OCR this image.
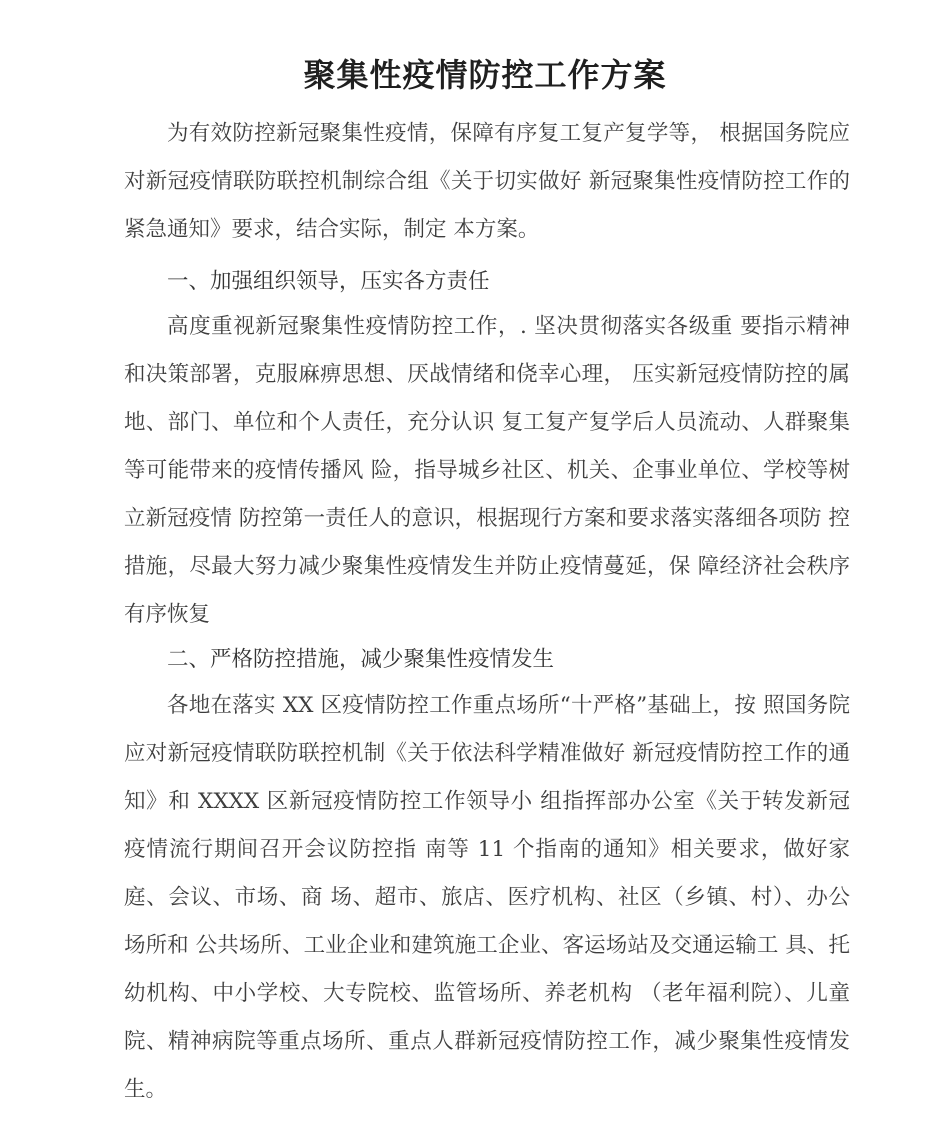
聚集性疫情防控工作方案
为有效防控新冠聚集性疫情，保障有序复工复产复学等， 根据国务院应对新冠疫情联防联控机制综合组《关于切实做好 新冠聚集性疫情防控工作的紧急通知》要求，结合实际，制定 本方案。
一、加强组织领导，压实各方责任
高度重视新冠聚集性疫情防控工作，. 坚决贯彻落实各级重 要指示精神和决策部署，克服麻痹思想、厌战情绪和侥幸心理， 压实新冠疫情防控的属地、部门、单位和个人责任，充分认识 复工复产复学后人员流动、人群聚集等可能带来的疫情传播风 险，指导城乡社区、机关、企事业单位、学校等树立新冠疫情 防控第一责任人的意识，根据现行方案和要求落实落细各项防 控措施，尽最大努力减少聚集性疫情发生并防止疫情蔓延，保 障经济社会秩序有序恢复
二、严格防控措施，减少聚集性疫情发生
各地在落实 XX 区疫情防控工作重点场所“十严格”基础上，按 照国务院应对新冠疫情联防联控机制《关于依法科学精准做好 新冠疫情防控工作的通知》和 XXXX 区新冠疫情防控工作领导小 组指挥部办公室《关于转发新冠疫情流行期间召开会议防控指 南等 11 个指南的通知》相关要求，做好家庭、会议、市场、商 场、超市、旅店、医疗机构、社区（乡镇、村）、办公场所和 公共场所、工业企业和建筑施工企业、客运场站及交通运输工 具、托幼机构、中小学校、大专院校、监管场所、养老机构 （老年福利院）、儿童院、精神病院等重点场所、重点人群新冠疫情防控工作，减少聚集性疫情发生。
